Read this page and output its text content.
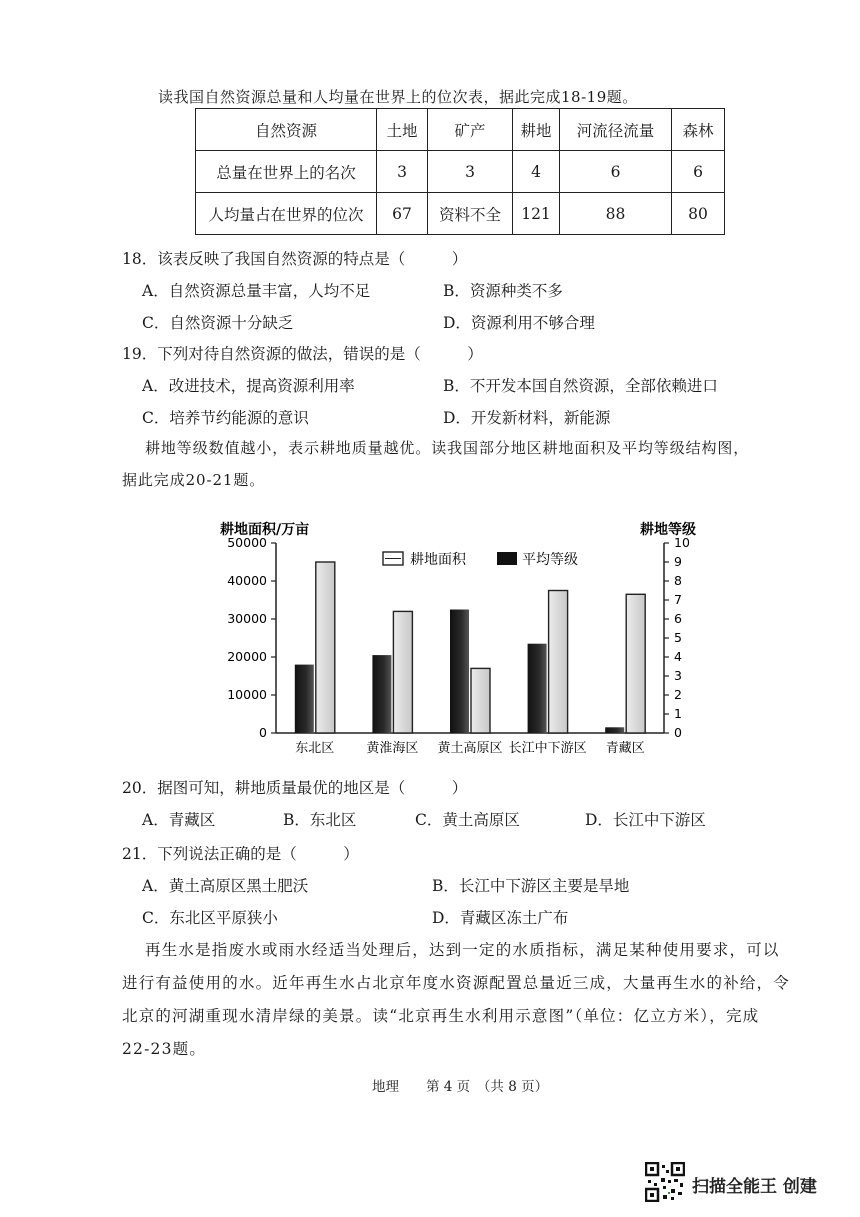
读我国自然资源总量和人均量在世界上的位次表，据此完成18-19题。
自然资源	土地	矿产	耕地	河流径流量	森林
总量在世界上的名次	3	3	4	6	6
人均量占在世界的位次	67	资料不全	121	88	80
18．该表反映了我国自然资源的特点是（　　　）
A．自然资源总量丰富，人均不足	B．资源种类不多
C．自然资源十分缺乏	D．资源利用不够合理
19．下列对待自然资源的做法，错误的是（　　　）
A．改进技术，提高资源利用率	B．不开发本国自然资源，全部依赖进口
C．培养节约能源的意识	D．开发新材料，新能源
耕地等级数值越小，表示耕地质量越优。读我国部分地区耕地面积及平均等级结构图，
据此完成20-21题。
耕地面积/万亩	耕地等级
0
10000
20000
30000
40000
50000
0
1
2
3
4
5
6
7
8
9
10
东北区 黄淮海区 黄土高原区 长江中下游区 青藏区
耕地面积	平均等级
20．据图可知，耕地质量最优的地区是（　　　）
A．青藏区	B．东北区	C．黄土高原区	D．长江中下游区
21．下列说法正确的是（　　　）
A．黄土高原区黑土肥沃	B．长江中下游区主要是旱地
C．东北区平原狭小	D．青藏区冻土广布
再生水是指废水或雨水经适当处理后，达到一定的水质指标，满足某种使用要求，可以
进行有益使用的水。近年再生水占北京年度水资源配置总量近三成，大量再生水的补给，令
北京的河湖重现水清岸绿的美景。读“北京再生水利用示意图”（单位：亿立方米），完成
22-23题。
地理　　第 4 页　（共 8 页）
扫描全能王 创建
